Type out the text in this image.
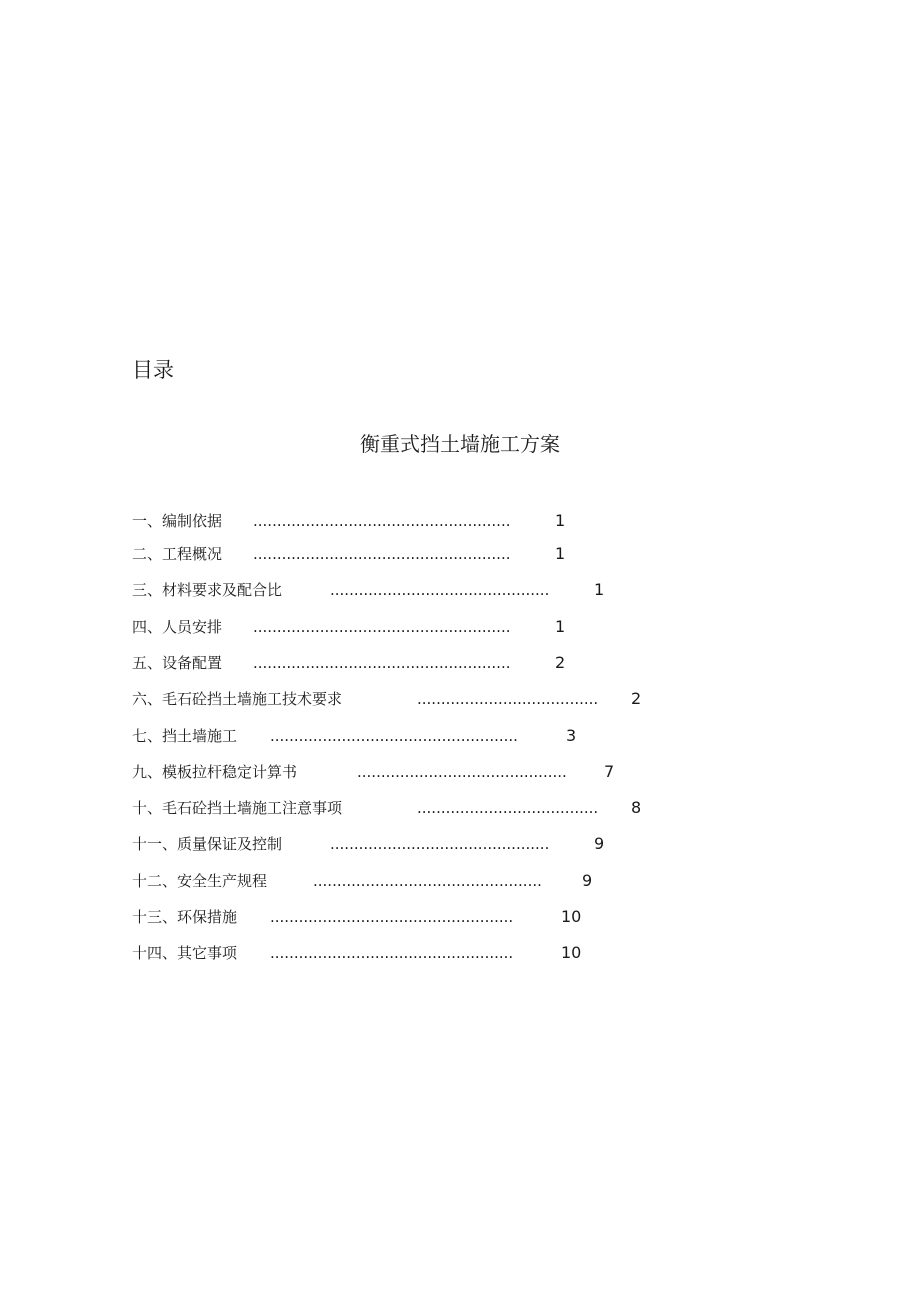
目录
衡重式挡土墙施工方案
一、编制依据 ......................................................	1
二、工程概况 ......................................................	1
三、材料要求及配合比	..............................................	1
四、人员安排 ......................................................	1
五、设备配置 ......................................................	2
六、毛石砼挡土墙施工技术要求	...................................... 2
七、挡土墙施工 ....................................................	3
九、模板拉杆稳定计算书	............................................ 7
十、毛石砼挡土墙施工注意事项	...................................... 8
十一、质量保证及控制	..............................................	9
十二、安全生产规程	................................................	9
十三、环保措施 ...................................................	10
十四、其它事项 ...................................................	10
